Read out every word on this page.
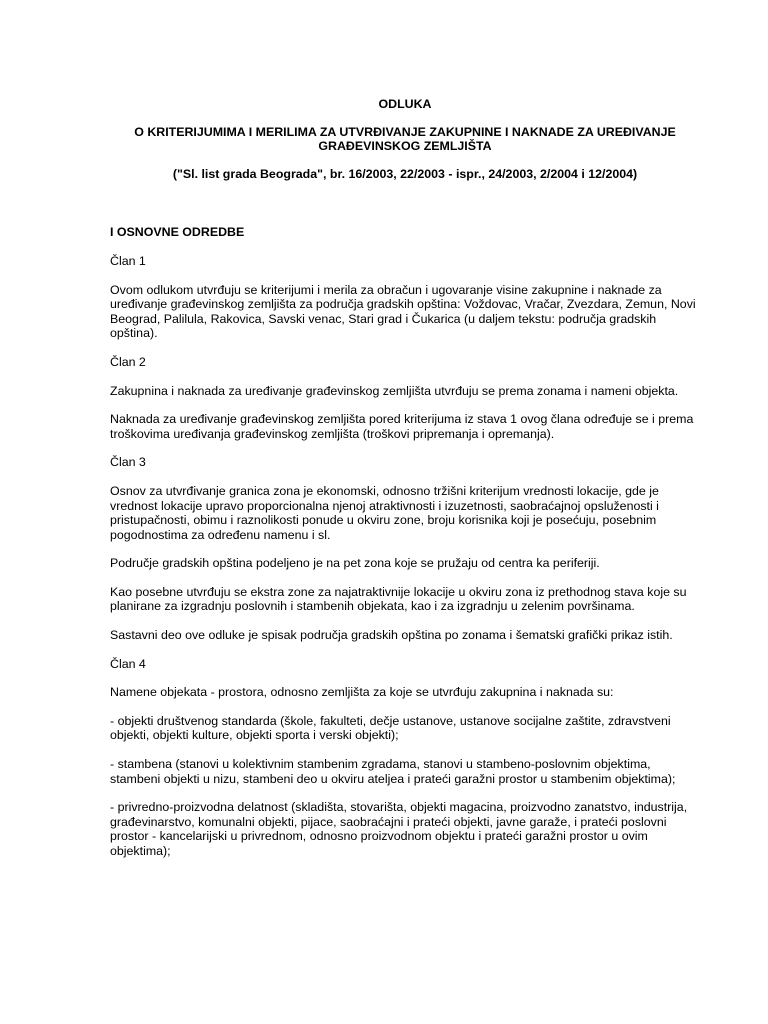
ODLUKA
O KRITERIJUMIMA I MERILIMA ZA UTVRĐIVANJE ZAKUPNINE I NAKNADE ZA UREĐIVANJE GRAĐEVINSKOG ZEMLJIŠTA
("Sl. list grada Beograda", br. 16/2003, 22/2003 - ispr., 24/2003, 2/2004 i 12/2004)
I OSNOVNE ODREDBE
Član 1
Ovom odlukom utvrđuju se kriterijumi i merila za obračun i ugovaranje visine zakupnine i naknade za uređivanje građevinskog zemljišta za područja gradskih opština: Voždovac, Vračar, Zvezdara, Zemun, Novi Beograd, Palilula, Rakovica, Savski venac, Stari grad i Čukarica (u daljem tekstu: područja gradskih opština).
Član 2
Zakupnina i naknada za uređivanje građevinskog zemljišta utvrđuju se prema zonama i nameni objekta.
Naknada za uređivanje građevinskog zemljišta pored kriterijuma iz stava 1 ovog člana određuje se i prema troškovima uređivanja građevinskog zemljišta (troškovi pripremanja i opremanja).
Član 3
Osnov za utvrđivanje granica zona je ekonomski, odnosno tržišni kriterijum vrednosti lokacije, gde je vrednost lokacije upravo proporcionalna njenoj atraktivnosti i izuzetnosti, saobraćajnoj opsluženosti i pristupačnosti, obimu i raznolikosti ponude u okviru zone, broju korisnika koji je posećuju, posebnim pogodnostima za određenu namenu i sl.
Područje gradskih opština podeljeno je na pet zona koje se pružaju od centra ka periferiji.
Kao posebne utvrđuju se ekstra zone za najatraktivnije lokacije u okviru zona iz prethodnog stava koje su planirane za izgradnju poslovnih i stambenih objekata, kao i za izgradnju u zelenim površinama.
Sastavni deo ove odluke je spisak područja gradskih opština po zonama i šematski grafički prikaz istih.
Član 4
Namene objekata - prostora, odnosno zemljišta za koje se utvrđuju zakupnina i naknada su:
- objekti društvenog standarda (škole, fakulteti, dečje ustanove, ustanove socijalne zaštite, zdravstveni objekti, objekti kulture, objekti sporta i verski objekti);
- stambena (stanovi u kolektivnim stambenim zgradama, stanovi u stambeno-poslovnim objektima, stambeni objekti u nizu, stambeni deo u okviru ateljea i prateći garažni prostor u stambenim objektima);
- privredno-proizvodna delatnost (skladišta, stovarišta, objekti magacina, proizvodno zanatstvo, industrija, građevinarstvo, komunalni objekti, pijace, saobraćajni i prateći objekti, javne garaže, i prateći poslovni prostor - kancelarijski u privrednom, odnosno proizvodnom objektu i prateći garažni prostor u ovim objektima);
